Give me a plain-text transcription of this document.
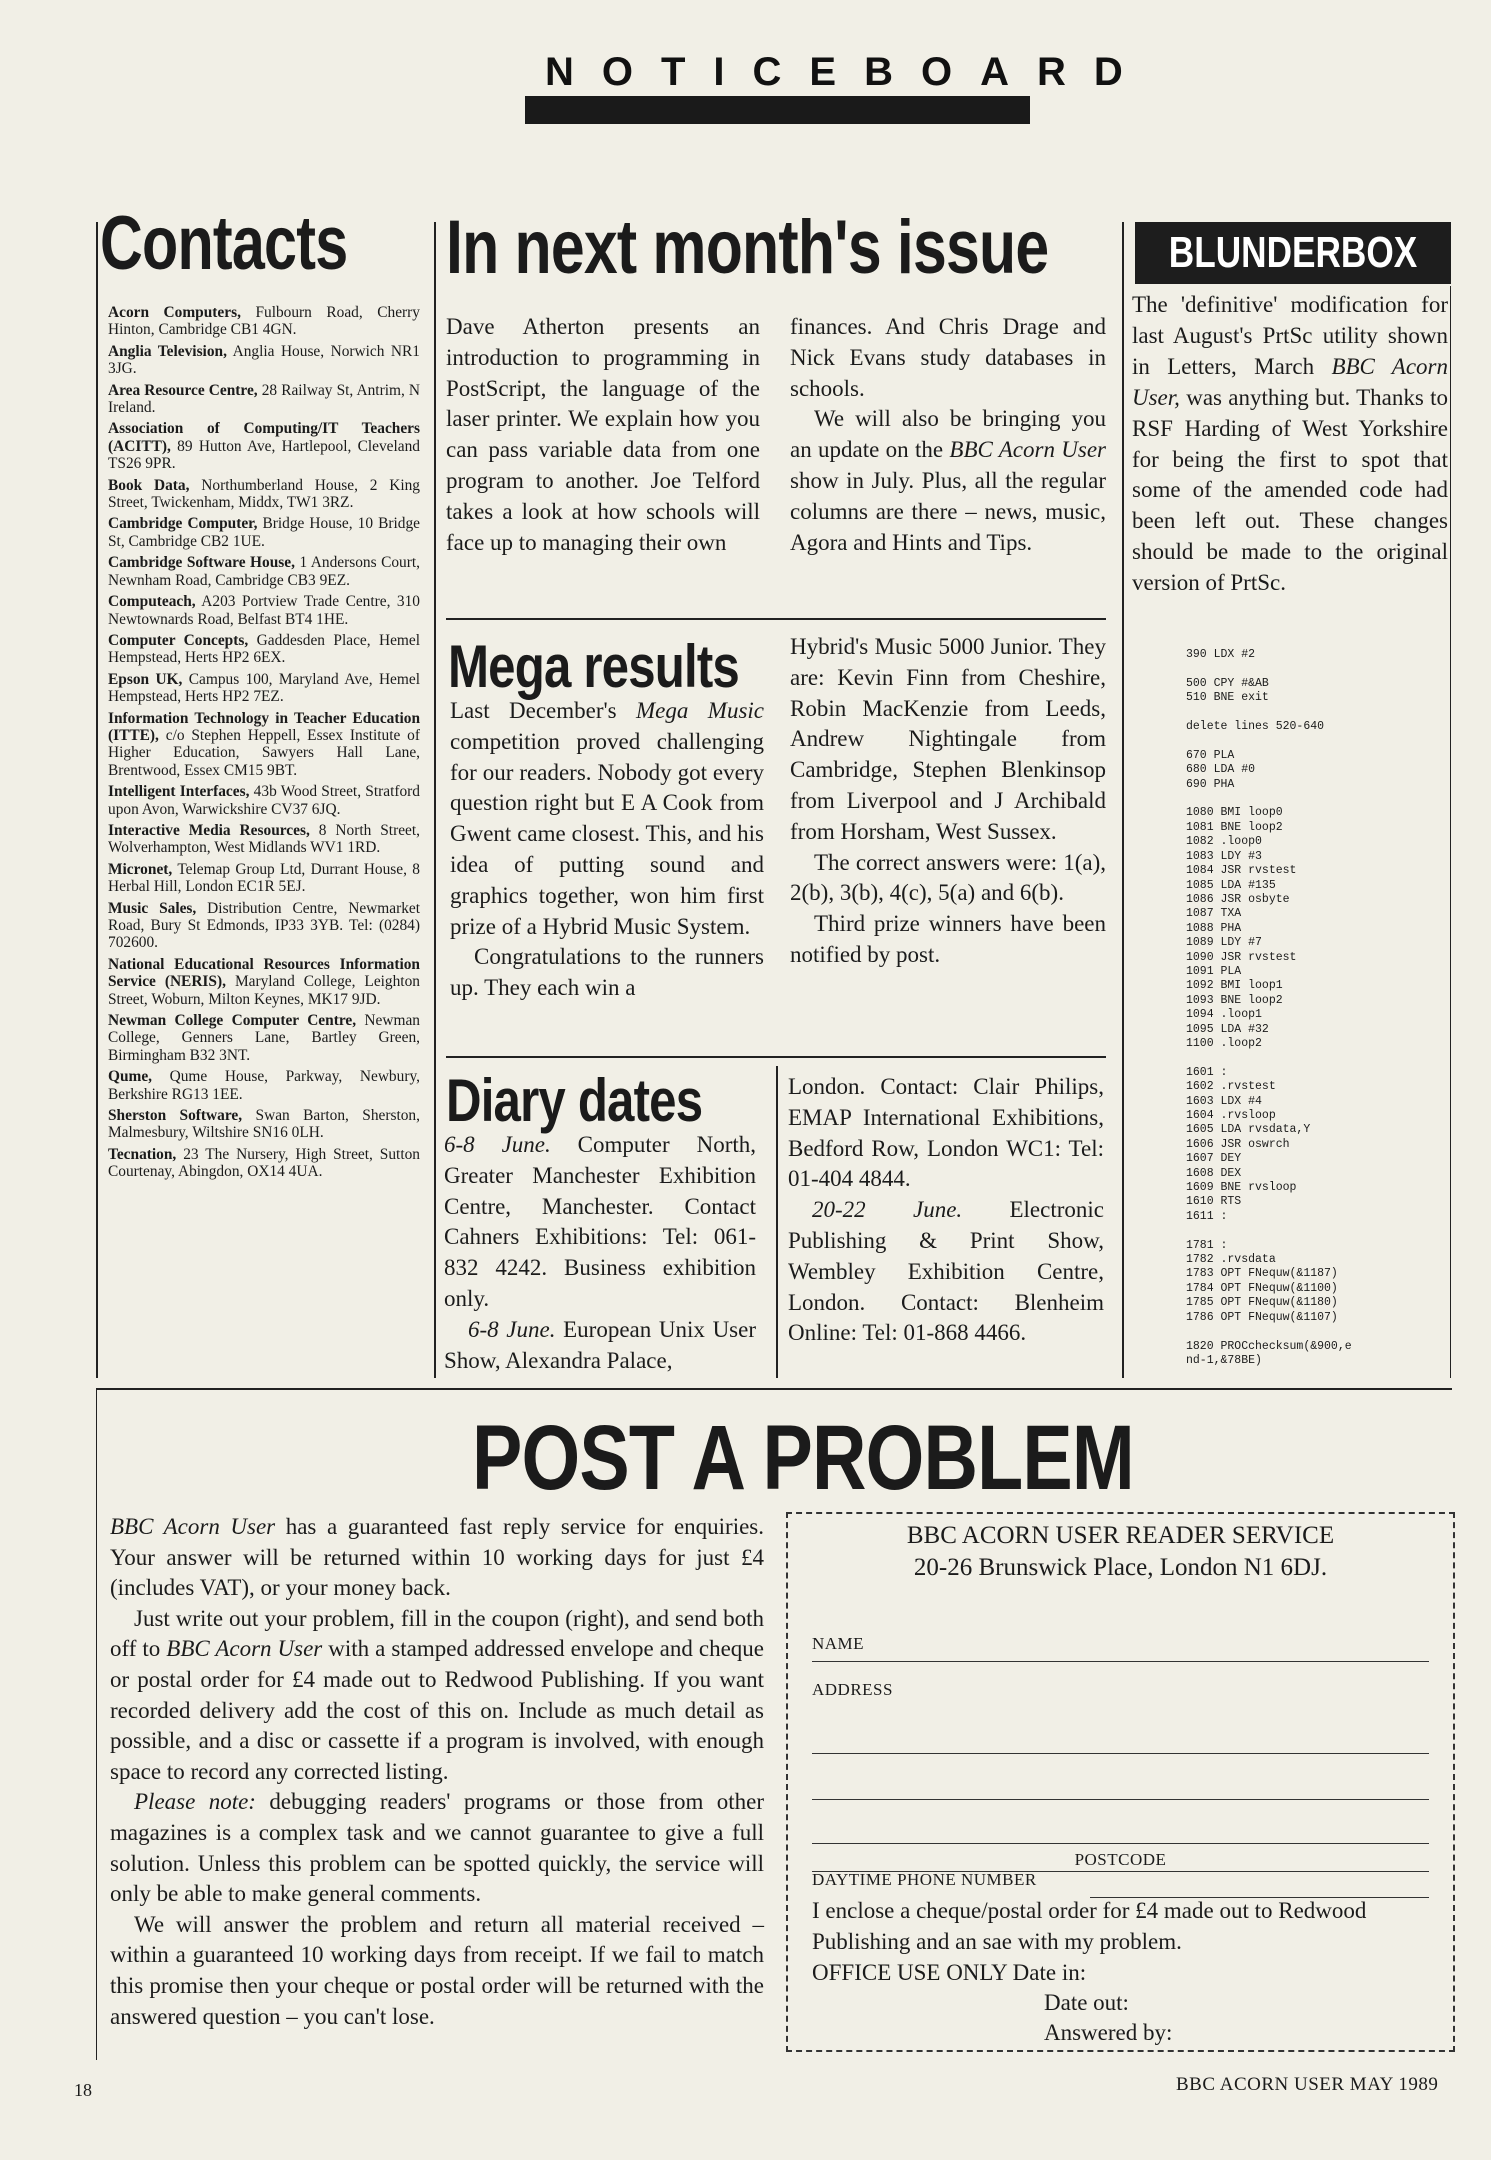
NOTICEBOARD
Contacts
Acorn Computers, Fulbourn Road, Cherry Hinton, Cambridge CB1 4GN.
Anglia Television, Anglia House, Norwich NR1 3JG.
Area Resource Centre, 28 Railway St, Antrim, N Ireland.
Association of Computing/IT Teachers (ACITT), 89 Hutton Ave, Hartlepool, Cleveland TS26 9PR.
Book Data, Northumberland House, 2 King Street, Twickenham, Middx, TW1 3RZ.
Cambridge Computer, Bridge House, 10 Bridge St, Cambridge CB2 1UE.
Cambridge Software House, 1 Andersons Court, Newnham Road, Cambridge CB3 9EZ.
Computeach, A203 Portview Trade Centre, 310 Newtownards Road, Belfast BT4 1HE.
Computer Concepts, Gaddesden Place, Hemel Hempstead, Herts HP2 6EX.
Epson UK, Campus 100, Maryland Ave, Hemel Hempstead, Herts HP2 7EZ.
Information Technology in Teacher Education (ITTE), c/o Stephen Heppell, Essex Institute of Higher Education, Sawyers Hall Lane, Brentwood, Essex CM15 9BT.
Intelligent Interfaces, 43b Wood Street, Stratford upon Avon, Warwickshire CV37 6JQ.
Interactive Media Resources, 8 North Street, Wolverhampton, West Midlands WV1 1RD.
Micronet, Telemap Group Ltd, Durrant House, 8 Herbal Hill, London EC1R 5EJ.
Music Sales, Distribution Centre, Newmarket Road, Bury St Edmonds, IP33 3YB. Tel: (0284) 702600.
National Educational Resources Information Service (NERIS), Maryland College, Leighton Street, Woburn, Milton Keynes, MK17 9JD.
Newman College Computer Centre, Newman College, Genners Lane, Bartley Green, Birmingham B32 3NT.
Qume, Qume House, Parkway, Newbury, Berkshire RG13 1EE.
Sherston Software, Swan Barton, Sherston, Malmesbury, Wiltshire SN16 0LH.
Tecnation, 23 The Nursery, High Street, Sutton Courtenay, Abingdon, OX14 4UA.
In next month's issue
Dave Atherton presents an introduction to programming in PostScript, the language of the laser printer. We explain how you can pass variable data from one program to another. Joe Telford takes a look at how schools will face up to managing their own
finances. And Chris Drage and Nick Evans study databases in schools.
We will also be bringing you an update on the BBC Acorn User show in July. Plus, all the regular columns are there – news, music, Agora and Hints and Tips.
Mega results
Last December's Mega Music competition proved challenging for our readers. Nobody got every question right but E A Cook from Gwent came closest. This, and his idea of putting sound and graphics together, won him first prize of a Hybrid Music System.
Congratulations to the runners up. They each win a
Hybrid's Music 5000 Junior. They are: Kevin Finn from Cheshire, Robin MacKenzie from Leeds, Andrew Nightingale from Cambridge, Stephen Blenkinsop from Liverpool and J Archibald from Horsham, West Sussex.
The correct answers were: 1(a), 2(b), 3(b), 4(c), 5(a) and 6(b).
Third prize winners have been notified by post.
Diary dates
6-8 June. Computer North, Greater Manchester Exhibition Centre, Manchester. Contact Cahners Exhibitions: Tel: 061-832 4242. Business exhibition only.
6-8 June. European Unix User Show, Alexandra Palace,
London. Contact: Clair Philips, EMAP International Exhibitions, Bedford Row, London WC1: Tel: 01-404 4844.
20-22 June. Electronic Publishing & Print Show, Wembley Exhibition Centre, London. Contact: Blenheim Online: Tel: 01-868 4466.
BLUNDERBOX
The 'definitive' modification for last August's PrtSc utility shown in Letters, March BBC Acorn User, was anything but. Thanks to RSF Harding of West Yorkshire for being the first to spot that some of the amended code had been left out. These changes should be made to the original version of PrtSc.
390 LDX #2

500 CPY #&AB
510 BNE exit

delete lines 520-640

670 PLA
680 LDA #0
690 PHA

1080 BMI loop0
1081 BNE loop2
1082 .loop0
1083 LDY #3
1084 JSR rvstest
1085 LDA #135
1086 JSR osbyte
1087 TXA
1088 PHA
1089 LDY #7
1090 JSR rvstest
1091 PLA
1092 BMI loop1
1093 BNE loop2
1094 .loop1
1095 LDA #32
1100 .loop2

1601 :
1602 .rvstest
1603 LDX #4
1604 .rvsloop
1605 LDA rvsdata,Y
1606 JSR oswrch
1607 DEY
1608 DEX
1609 BNE rvsloop
1610 RTS
1611 :

1781 :
1782 .rvsdata
1783 OPT FNequw(&1187)
1784 OPT FNequw(&1100)
1785 OPT FNequw(&1180)
1786 OPT FNequw(&1107)

1820 PROCchecksum(&900,e
nd-1,&78BE)
POST A PROBLEM

BBC Acorn User has a guaranteed fast reply service for enquiries. Your answer will be returned within 10 working days for just £4 (includes VAT), or your money back.

Just write out your problem, fill in the coupon (right), and send both off to BBC Acorn User with a stamped addressed envelope and cheque or postal order for £4 made out to Redwood Publishing. If you want recorded delivery add the cost of this on. Include as much detail as possible, and a disc or cassette if a program is involved, with enough space to record any corrected listing.

Please note: debugging readers' programs or those from other magazines is a complex task and we cannot guarantee to give a full solution. Unless this problem can be spotted quickly, the service will only be able to make general comments.

We will answer the problem and return all material received – within a guaranteed 10 working days from receipt. If we fail to match this promise then your cheque or postal order will be returned with the answered question – you can't lose.

BBC ACORN USER READER SERVICE
20-26 Brunswick Place, London N1 6DJ.
NAME
ADDRESS
POSTCODE
DAYTIME PHONE NUMBER
I enclose a cheque/postal order for £4 made out to Redwood Publishing and an sae with my problem.
OFFICE USE ONLY Date in:
Date out:
Answered by:
18	BBC ACORN USER MAY 1989
